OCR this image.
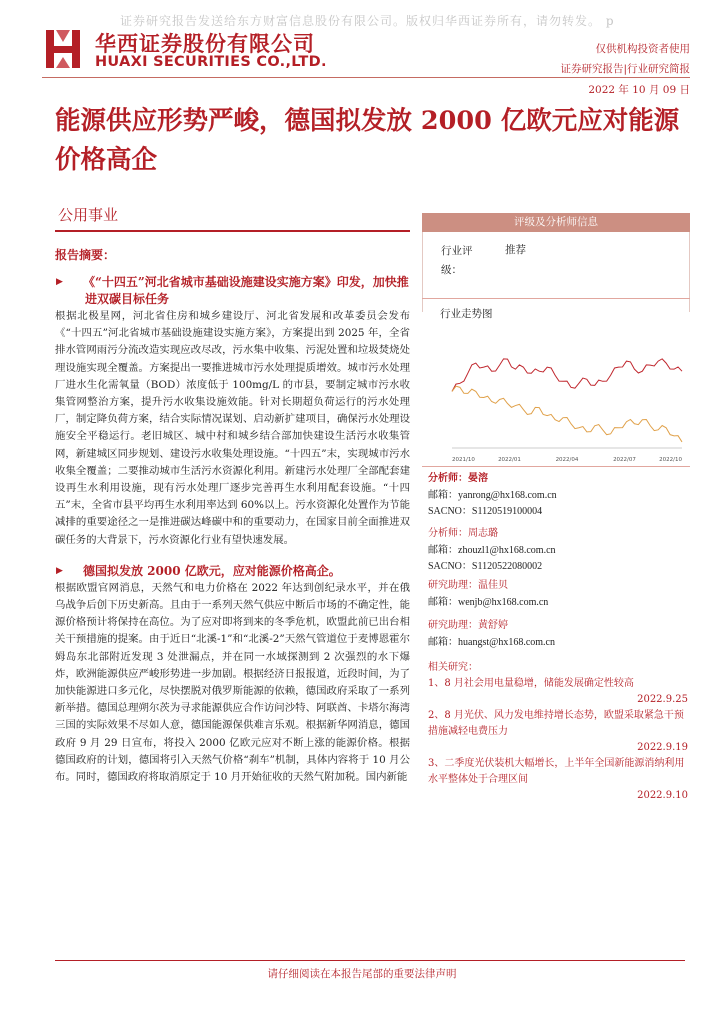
证券研究报告发送给东方财富信息股份有限公司。版权归华西证券所有，请勿转发。 p
华西证券股份有限公司
HUAXI SECURITIES CO.,LTD.
仅供机构投资者使用
证券研究报告|行业研究简报
2022 年 10 月 09 日
能源供应形势严峻，德国拟发放 2000 亿欧元应对能源价格高企
公用事业
报告摘要：
▶ 《“十四五”河北省城市基础设施建设实施方案》印发，加快推进双碳目标任务
根据北极星网，河北省住房和城乡建设厅、河北省发展和改革委员会发布《“十四五”河北省城市基础设施建设实施方案》，方案提出到 2025 年，全省排水管网雨污分流改造实现应改尽改，污水集中收集、污泥处置和垃圾焚烧处理设施实现全覆盖。方案提出一要推进城市污水处理提质增效。城市污水处理厂进水生化需氧量（BOD）浓度低于 100mg/L 的市县，要制定城市污水收集管网整治方案，提升污水收集设施效能。针对长期超负荷运行的污水处理厂，制定降负荷方案，结合实际情况谋划、启动新扩建项目，确保污水处理设施安全平稳运行。老旧城区、城中村和城乡结合部加快建设生活污水收集管网，新建城区同步规划、建设污水收集处理设施。“十四五”末，实现城市污水收集全覆盖；二要推动城市生活污水资源化利用。新建污水处理厂全部配套建设再生水利用设施，现有污水处理厂逐步完善再生水利用配套设施。“十四五”末，全省市县平均再生水利用率达到 60%以上。污水资源化处置作为节能减排的重要途径之一是推进碳达峰碳中和的重要动力，在国家目前全面推进双碳任务的大背景下，污水资源化行业有望快速发展。
▶ 德国拟发放 2000 亿欧元，应对能源价格高企。
根据欧盟官网消息，天然气和电力价格在 2022 年达到创纪录水平，并在俄乌战争后创下历史新高。且由于一系列天然气供应中断后市场的不确定性，能源价格预计将保持在高位。为了应对即将到来的冬季危机，欧盟此前已出台相关干预措施的提案。由于近日“北溪-1”和“北溪-2”天然气管道位于麦博恩霍尔姆岛东北部附近发现 3 处泄漏点，并在同一水域探测到 2 次强烈的水下爆炸，欧洲能源供应严峻形势进一步加剧。根据经济日报报道，近段时间，为了加快能源进口多元化，尽快摆脱对俄罗斯能源的依赖，德国政府采取了一系列新举措。德国总理朔尔茨为寻求能源供应合作访问沙特、阿联酋、卡塔尔海湾三国的实际效果不尽如人意，德国能源保供难言乐观。根据新华网消息，德国政府 9 月 29 日宣布，将投入 2000 亿欧元应对不断上涨的能源价格。根据德国政府的计划，德国将引入天然气价格“刹车”机制，具体内容将于 10 月公布。同时，德国政府将取消原定于 10 月开始征收的天然气附加税。国内新能
评级及分析师信息
行业评级：
推荐
行业走势图
2021/10	2022/01	2022/04	2022/07	2022/10
分析师：晏溶
邮箱：yanrong@hx168.com.cn
SACNO：S1120519100004
分析师：周志璐
邮箱：zhouzl1@hx168.com.cn
SACNO：S1120522080002
研究助理：温佳贝
邮箱：wenjb@hx168.com.cn
研究助理：黄舒婷
邮箱：huangst@hx168.com.cn
相关研究：
1、8 月社会用电量稳增，储能发展确定性较高
2022.9.25
2、8 月光伏、风力发电维持增长态势，欧盟采取紧急干预措施减轻电费压力
2022.9.19
3、二季度光伏装机大幅增长，上半年全国新能源消纳利用水平整体处于合理区间
2022.9.10
请仔细阅读在本报告尾部的重要法律声明
